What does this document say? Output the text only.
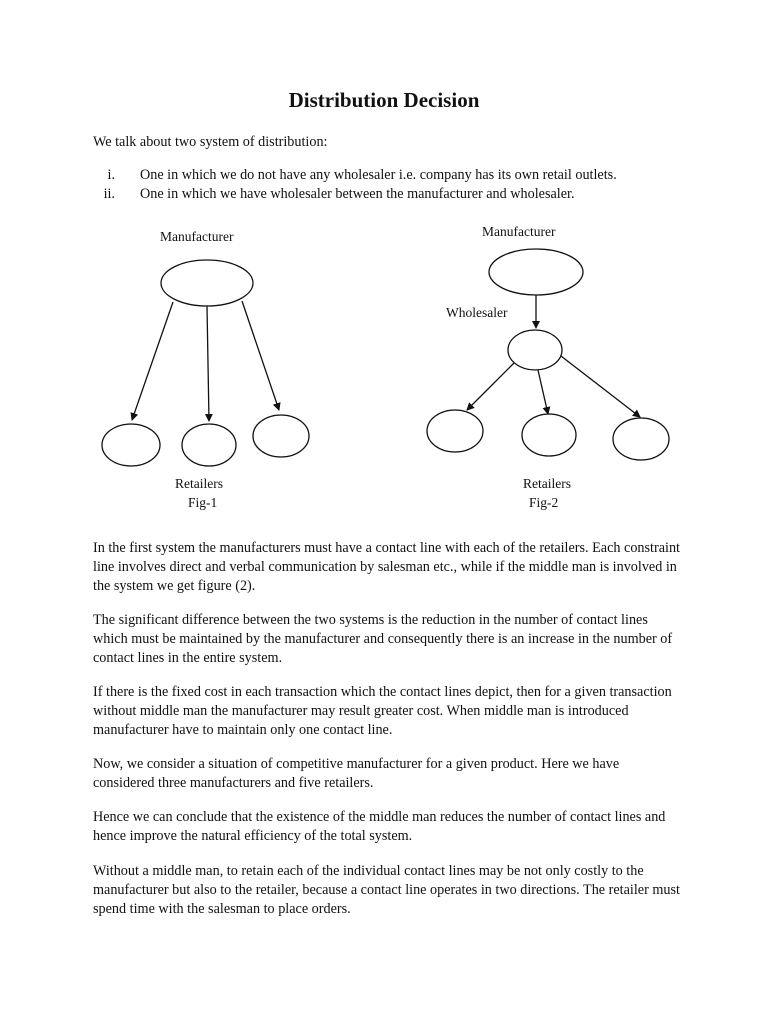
Distribution Decision

We talk about two system of distribution:

i. One in which we do not have any wholesaler i.e. company has its own retail outlets.
ii. One in which we have wholesaler between the manufacturer and wholesaler.
Manufacturer
Retailers
Fig-1
Manufacturer
Wholesaler
Retailers
Fig-2

In the first system the manufacturers must have a contact line with each of the retailers. Each constraint line involves direct and verbal communication by salesman etc., while if the middle man is involved in the system we get figure (2).

The significant difference between the two systems is the reduction in the number of contact lines which must be maintained by the manufacturer and consequently there is an increase in the number of contact lines in the entire system.

If there is the fixed cost in each transaction which the contact lines depict, then for a given transaction without middle man the manufacturer may result greater cost. When middle man is introduced manufacturer have to maintain only one contact line.

Now, we consider a situation of competitive manufacturer for a given product. Here we have considered three manufacturers and five retailers.

Hence we can conclude that the existence of the middle man reduces the number of contact lines and hence improve the natural efficiency of the total system.

Without a middle man, to retain each of the individual contact lines may be not only costly to the manufacturer but also to the retailer, because a contact line operates in two directions. The retailer must spend time with the salesman to place orders.
